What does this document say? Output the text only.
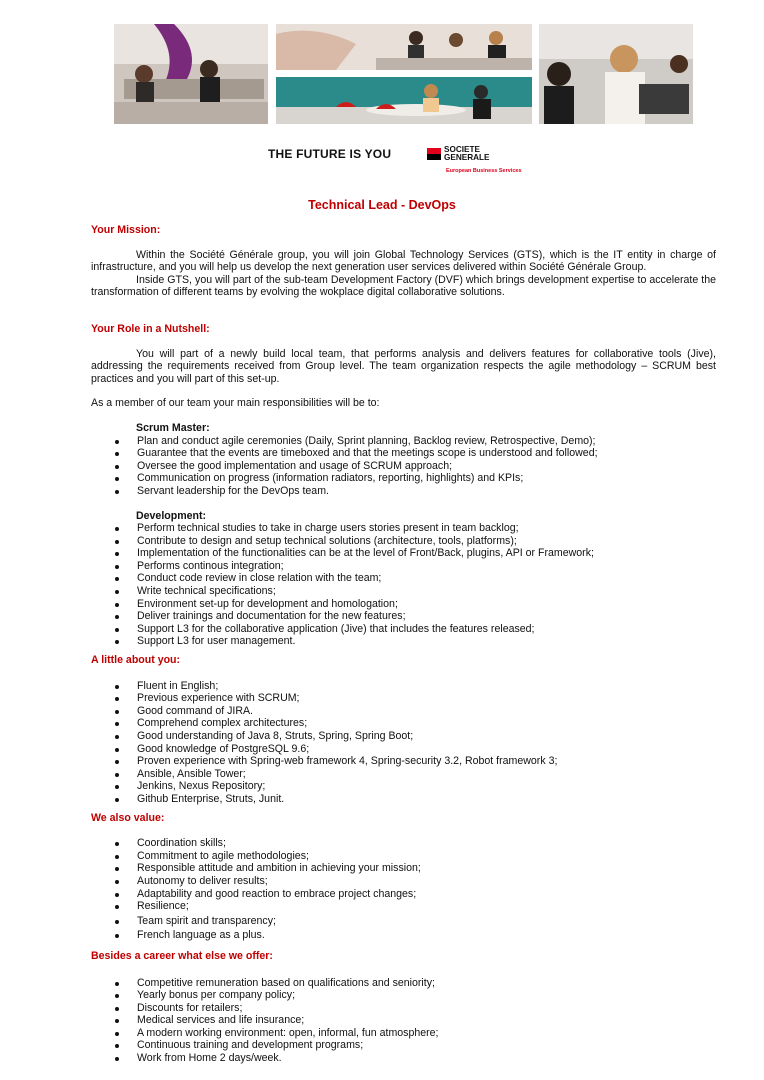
THE FUTURE IS YOU	SOCIETE
GENERALE
European Business Services
Technical Lead - DevOps

Your Mission:

Within the Société Générale group, you will join Global Technology Services (GTS), which is the IT entity in charge of infrastructure, and you will help us develop the next generation user services delivered within Société Générale Group.

Inside GTS, you will part of the sub-team Development Factory (DVF) which brings development expertise to accelerate the transformation of different teams by evolving the wokplace digital collaborative solutions.

Your Role in a Nutshell:

You will part of a newly build local team, that performs analysis and delivers features for collaborative tools (Jive), addressing the requirements received from Group level. The team organization respects the agile methodology – SCRUM best practices and you will part of this set-up.

As a member of our team your main responsibilities will be to:

Scrum Master:

Plan and conduct agile ceremonies (Daily, Sprint planning, Backlog review, Retrospective, Demo);
Guarantee that the events are timeboxed and that the meetings scope is understood and followed;
Oversee the good implementation and usage of SCRUM approach;
Communication on progress (information radiators, reporting, highlights) and KPIs;
Servant leadership for the DevOps team.

Development:

Perform technical studies to take in charge users stories present in team backlog;
Contribute to design and setup technical solutions (architecture, tools, platforms);
Implementation of the functionalities can be at the level of Front/Back, plugins, API or Framework;
Performs continous integration;
Conduct code review in close relation with the team;
Write technical specifications;
Environment set-up for development and homologation;
Deliver trainings and documentation for the new features;
Support L3 for the collaborative application (Jive) that includes the features released;
Support L3 for user management.

A little about you:

Fluent in English;
Previous experience with SCRUM;
Good command of JIRA.
Comprehend complex architectures;
Good understanding of Java 8, Struts, Spring, Spring Boot;
Good knowledge of PostgreSQL 9.6;
Proven experience with Spring-web framework 4, Spring-security 3.2, Robot framework 3;
Ansible, Ansible Tower;
Jenkins, Nexus Repository;
Github Enterprise, Struts, Junit.

We also value:

Coordination skills;
Commitment to agile methodologies;
Responsible attitude and ambition in achieving your mission;
Autonomy to deliver results;
Adaptability and good reaction to embrace project changes;
Resilience;
Team spirit and transparency;
French language as a plus.

Besides a career what else we offer:

Competitive remuneration based on qualifications and seniority;
Yearly bonus per company policy;
Discounts for retailers;
Medical services and life insurance;
A modern working environment: open, informal, fun atmosphere;
Continuous training and development programs;
Work from Home 2 days/week.
